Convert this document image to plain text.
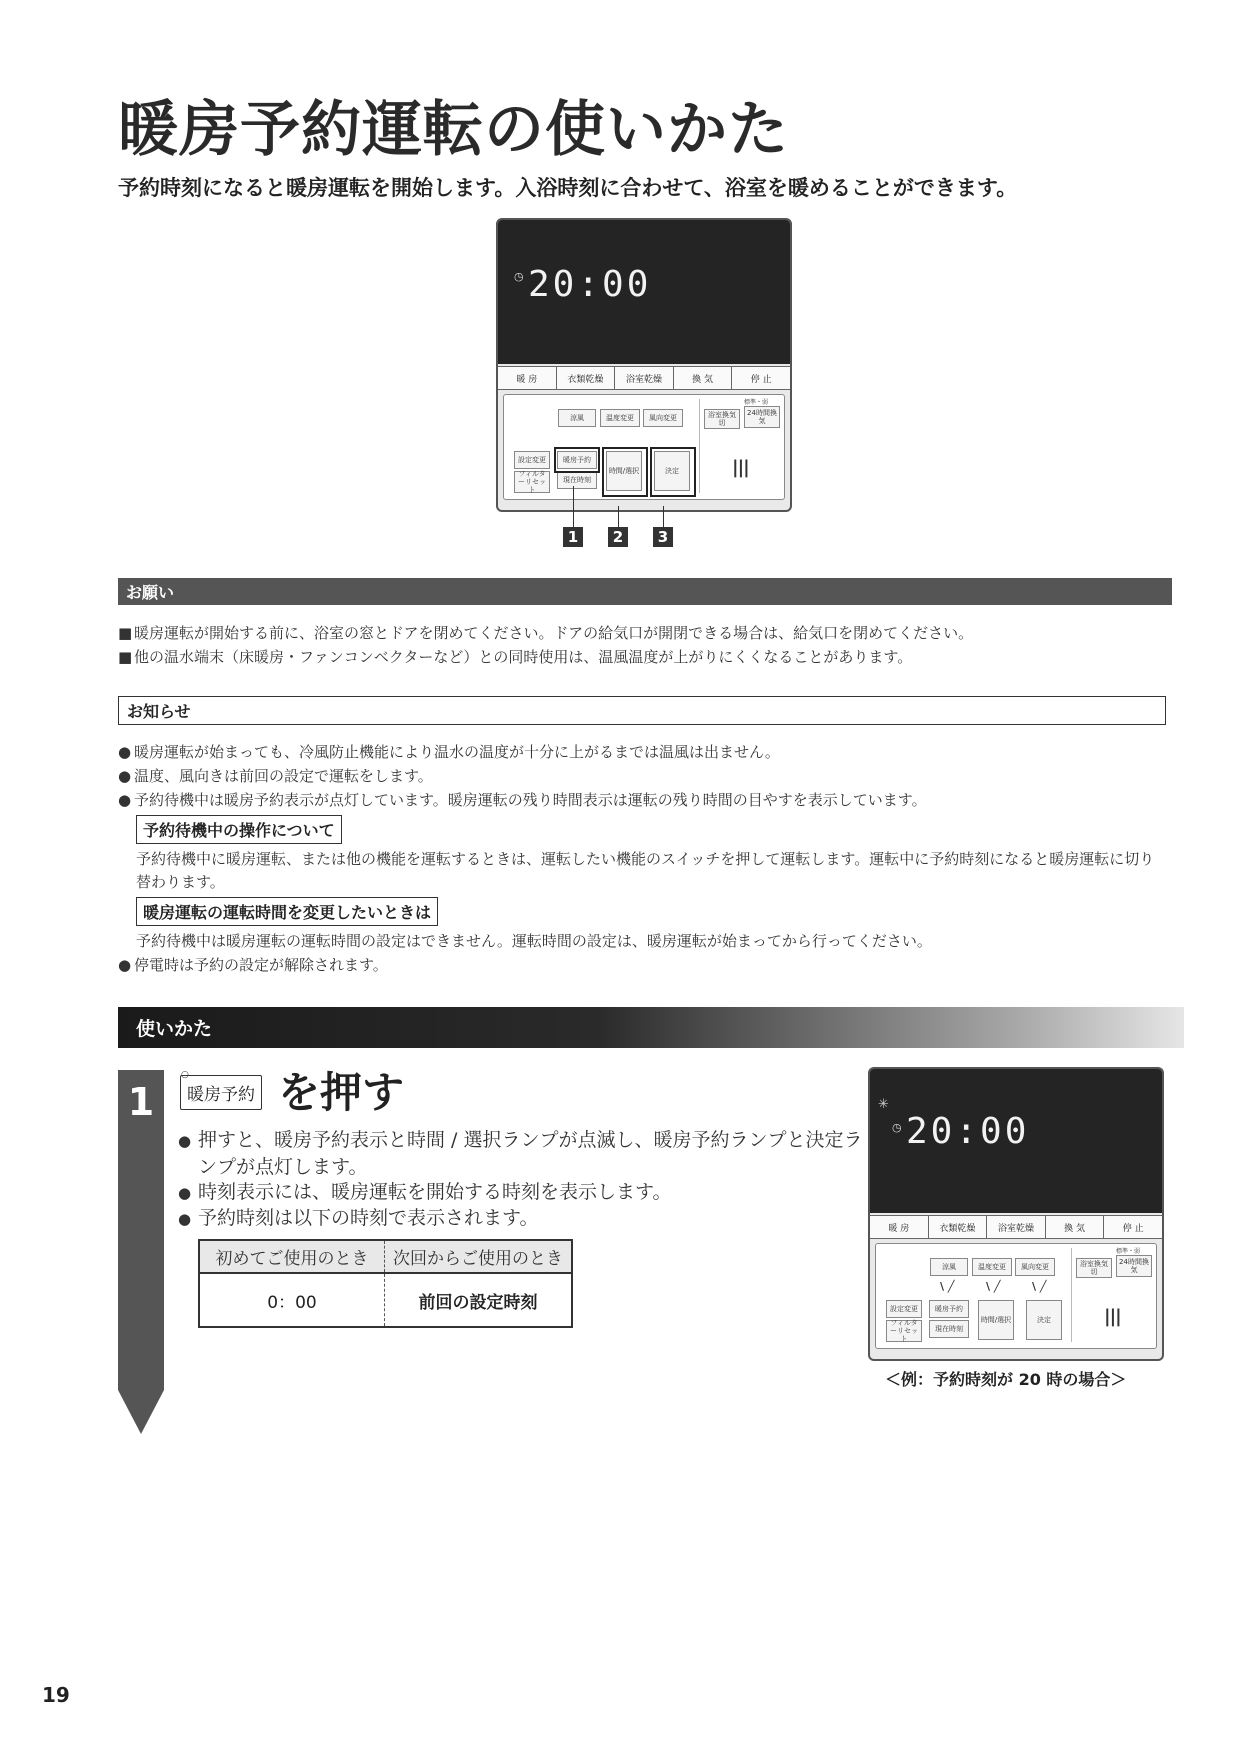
暖房予約運転の使いかた
予約時刻になると暖房運転を開始します。入浴時刻に合わせて、浴室を暖めることができます。
◷ 20:00
暖 房	衣類乾燥	浴室乾燥	換 気	停 止
涼風	温度変更	風向変更	浴室換気切
標準・弱
24時間換気
設定変更
フィルターリセット
暖房予約
現在時刻
時間/選択	決定	|||
1	2	3
お願い
■ 暖房運転が開始する前に、浴室の窓とドアを閉めてください。ドアの給気口が開閉できる場合は、給気口を閉めてください。
■ 他の温水端末（床暖房・ファンコンベクターなど）との同時使用は、温風温度が上がりにくくなることがあります。
お知らせ
● 暖房運転が始まっても、冷風防止機能により温水の温度が十分に上がるまでは温風は出ません。
● 温度、風向きは前回の設定で運転をします。
● 予約待機中は暖房予約表示が点灯しています。暖房運転の残り時間表示は運転の残り時間の目やすを表示しています。
予約待機中の操作について
予約待機中に暖房運転、または他の機能を運転するときは、運転したい機能のスイッチを押して運転します。運転中に予約時刻になると暖房運転に切り替わります。
暖房運転の運転時間を変更したいときは
予約待機中は暖房運転の運転時間の設定はできません。運転時間の設定は、暖房運転が始まってから行ってください。
● 停電時は予約の設定が解除されます。
使いかた
1
○
暖房予約 を押す
● 押すと、暖房予約表示と時間 / 選択ランプが点滅し、暖房予約ランプと決定ランプが点灯します。
● 時刻表示には、暖房運転を開始する時刻を表示します。
● 予約時刻は以下の時刻で表示されます。
初めてご使用のとき	次回からご使用のとき
0：00	前回の設定時刻
✳
◷ 20:00
暖 房	衣類乾燥	浴室乾燥	換 気	停 止
涼風	温度変更	風向変更	浴室換気切
標準・弱
24時間換気
設定変更
フィルターリセット
暖房予約
現在時刻
時間/選択	決定
\ ╱	\ ╱	\ ╱
|||
＜例：予約時刻が 20 時の場合＞
19
